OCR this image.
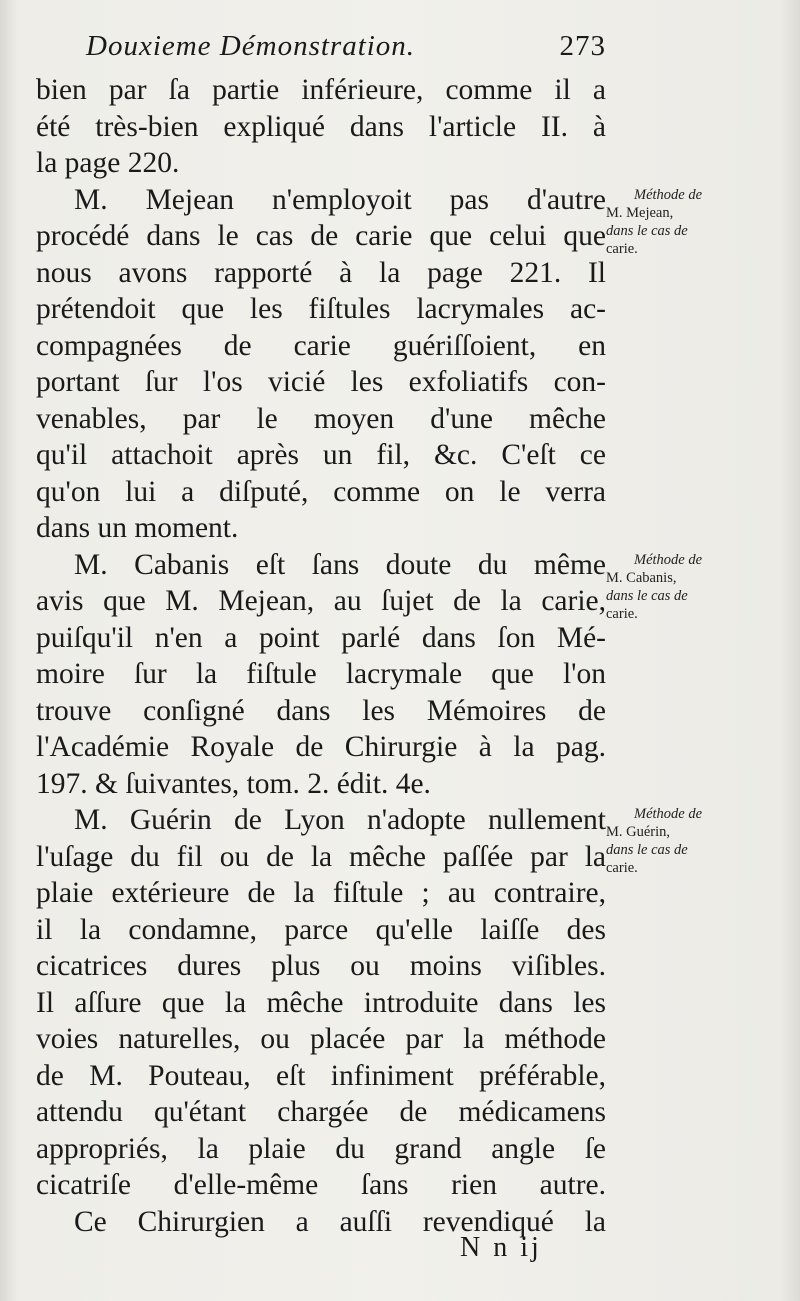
Douxieme Démonstration.	273
bien par ſa partie inférieure, comme il a
été très-bien expliqué dans l'article II. à
la page 220.
M. Mejean n'employoit pas d'autre
procédé dans le cas de carie que celui que
nous avons rapporté à la page 221. Il
prétendoit que les fiſtules lacrymales ac-
compagnées de carie guériſſoient, en
portant ſur l'os vicié les exfoliatifs con-
venables, par le moyen d'une mêche
qu'il attachoit après un fil, &c. C'eſt ce
qu'on lui a diſputé, comme on le verra
dans un moment.
M. Cabanis eſt ſans doute du même
avis que M. Mejean, au ſujet de la carie,
puiſqu'il n'en a point parlé dans ſon Mé-
moire ſur la fiſtule lacrymale que l'on
trouve conſigné dans les Mémoires de
l'Académie Royale de Chirurgie à la pag.
197. & ſuivantes, tom. 2. édit. 4e.
M. Guérin de Lyon n'adopte nullement
l'uſage du fil ou de la mêche paſſée par la
plaie extérieure de la fiſtule ; au contraire,
il la condamne, parce qu'elle laiſſe des
cicatrices dures plus ou moins viſibles.
Il aſſure que la mêche introduite dans les
voies naturelles, ou placée par la méthode
de M. Pouteau, eſt infiniment préférable,
attendu qu'étant chargée de médicamens
appropriés, la plaie du grand angle ſe
cicatriſe d'elle-même ſans rien autre.
Ce Chirurgien a auſſi revendiqué la
Méthode de
M. Mejean,
dans le cas de
carie.
Méthode de
M. Cabanis,
dans le cas de
carie.
Méthode de
M. Guérin,
dans le cas de
carie.
N n ij
